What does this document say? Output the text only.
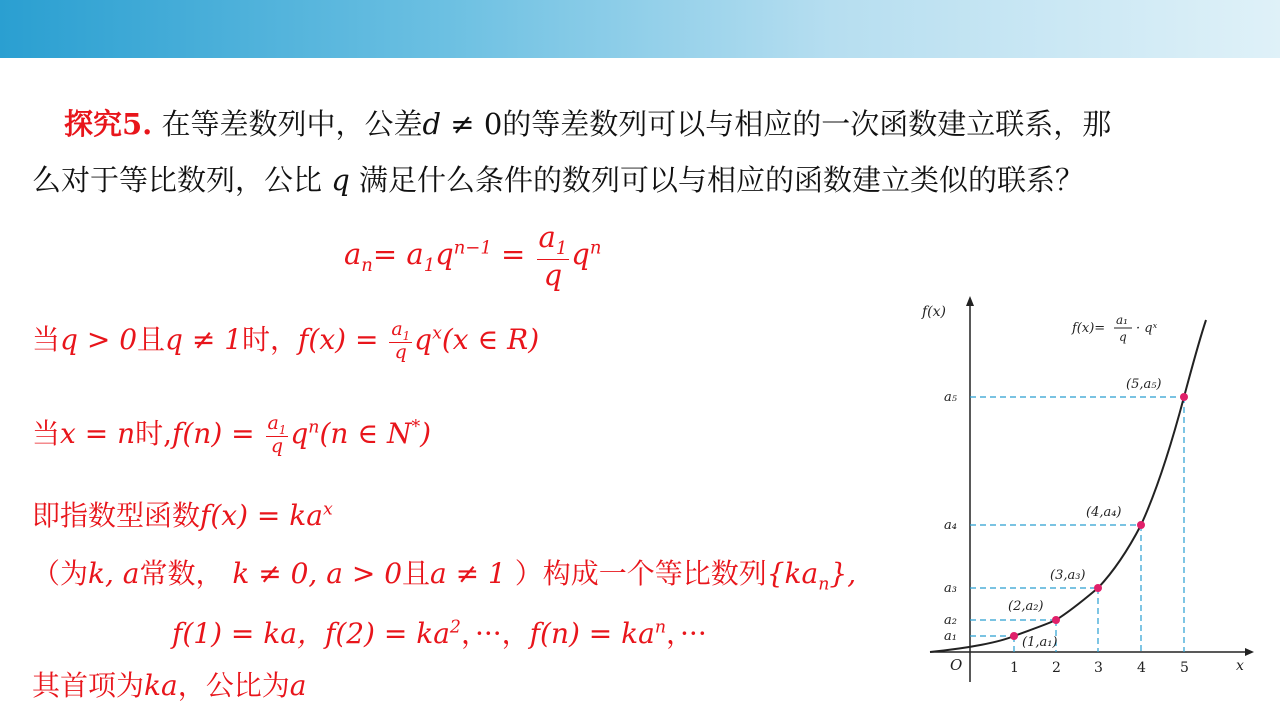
探究5. 在等差数列中，公差d ≠ 0的等差数列可以与相应的一次函数建立联系，那
么对于等比数列，公比 q 满足什么条件的数列可以与相应的函数建立类似的联系？
$a_n= a_1q^{n-1} = \frac{a_1}{q} q^n$
当q > 0且q ≠ 1时，$f(x) = \frac{a_1}{q} q^x(x$ ∈ R)
当x = n时$,f(n) = \frac{a_1}{q} q^n(n$ ∈ N*)
即指数型函数$f(x) = ka^x$
（为k, a常数， k ≠ 0, a > 0且a ≠ 1 ）构成一个等比数列$\{ka_n\}$,
f(1) = ka，$f(2) = ka^2$，···，$f(n) = ka^n$，···
其首项为ka，公比为a
f(x)
x
O
f(x)=
a₁
q
· qˣ
(1,a₁)
(2,a₂)
(3,a₃)
(4,a₄)
(5,a₅)
a₁
a₂
a₃
a₄
a₅
1 2 3 4 5
